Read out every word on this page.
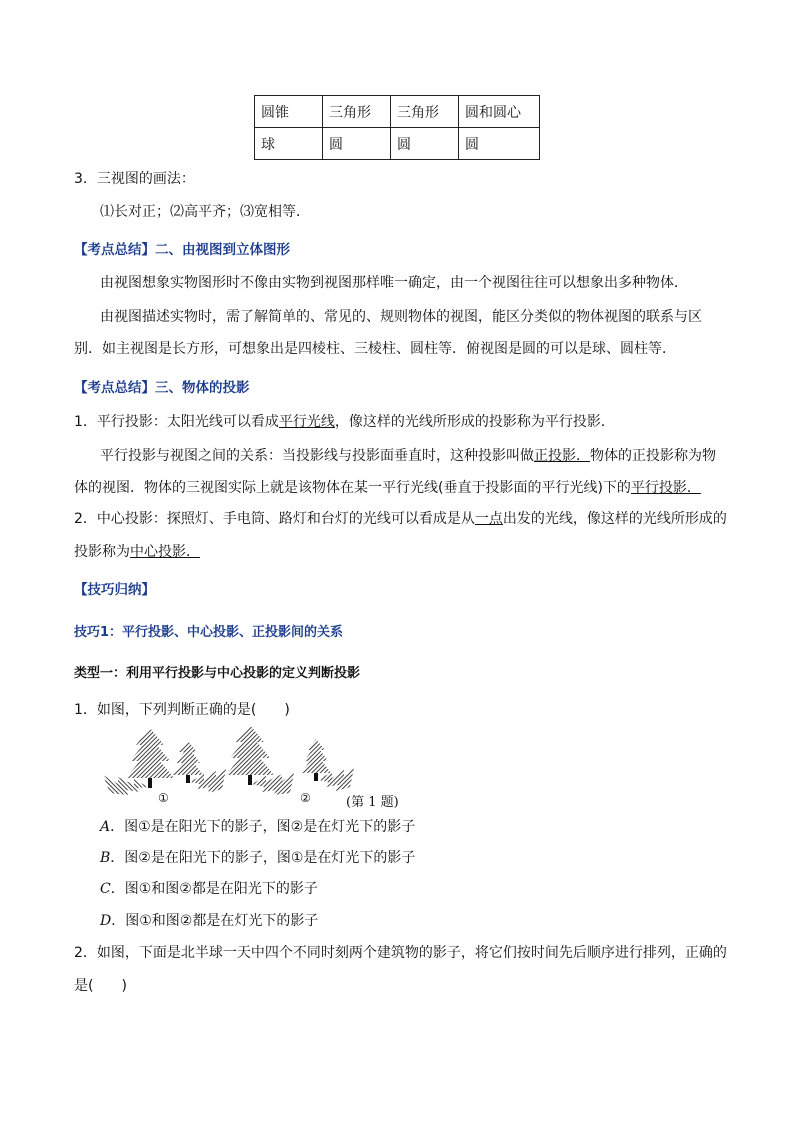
圆锥	三角形	三角形	圆和圆心
球	圆	圆	圆
3．三视图的画法：
⑴长对正；⑵高平齐；⑶宽相等．
【考点总结】二、由视图到立体图形
由视图想象实物图形时不像由实物到视图那样唯一确定，由一个视图往往可以想象出多种物体．
由视图描述实物时，需了解简单的、常见的、规则物体的视图，能区分类似的物体视图的联系与区
别．如主视图是长方形，可想象出是四棱柱、三棱柱、圆柱等．俯视图是圆的可以是球、圆柱等．
【考点总结】三、物体的投影
1．平行投影：太阳光线可以看成平行光线，像这样的光线所形成的投影称为平行投影．
平行投影与视图之间的关系：当投影线与投影面垂直时，这种投影叫做正投影．物体的正投影称为物
体的视图．物体的三视图实际上就是该物体在某一平行光线(垂直于投影面的平行光线)下的平行投影．
2．中心投影：探照灯、手电筒、路灯和台灯的光线可以看成是从一点出发的光线，像这样的光线所形成的
投影称为中心投影．
【技巧归纳】
技巧1：平行投影、中心投影、正投影间的关系
类型一：利用平行投影与中心投影的定义判断投影
1．如图，下列判断正确的是(　　)
①	②	(第 1 题)
A．图①是在阳光下的影子，图②是在灯光下的影子
B．图②是在阳光下的影子，图①是在灯光下的影子
C．图①和图②都是在阳光下的影子
D．图①和图②都是在灯光下的影子
2．如图，下面是北半球一天中四个不同时刻两个建筑物的影子，将它们按时间先后顺序进行排列，正确的
是(　　)
